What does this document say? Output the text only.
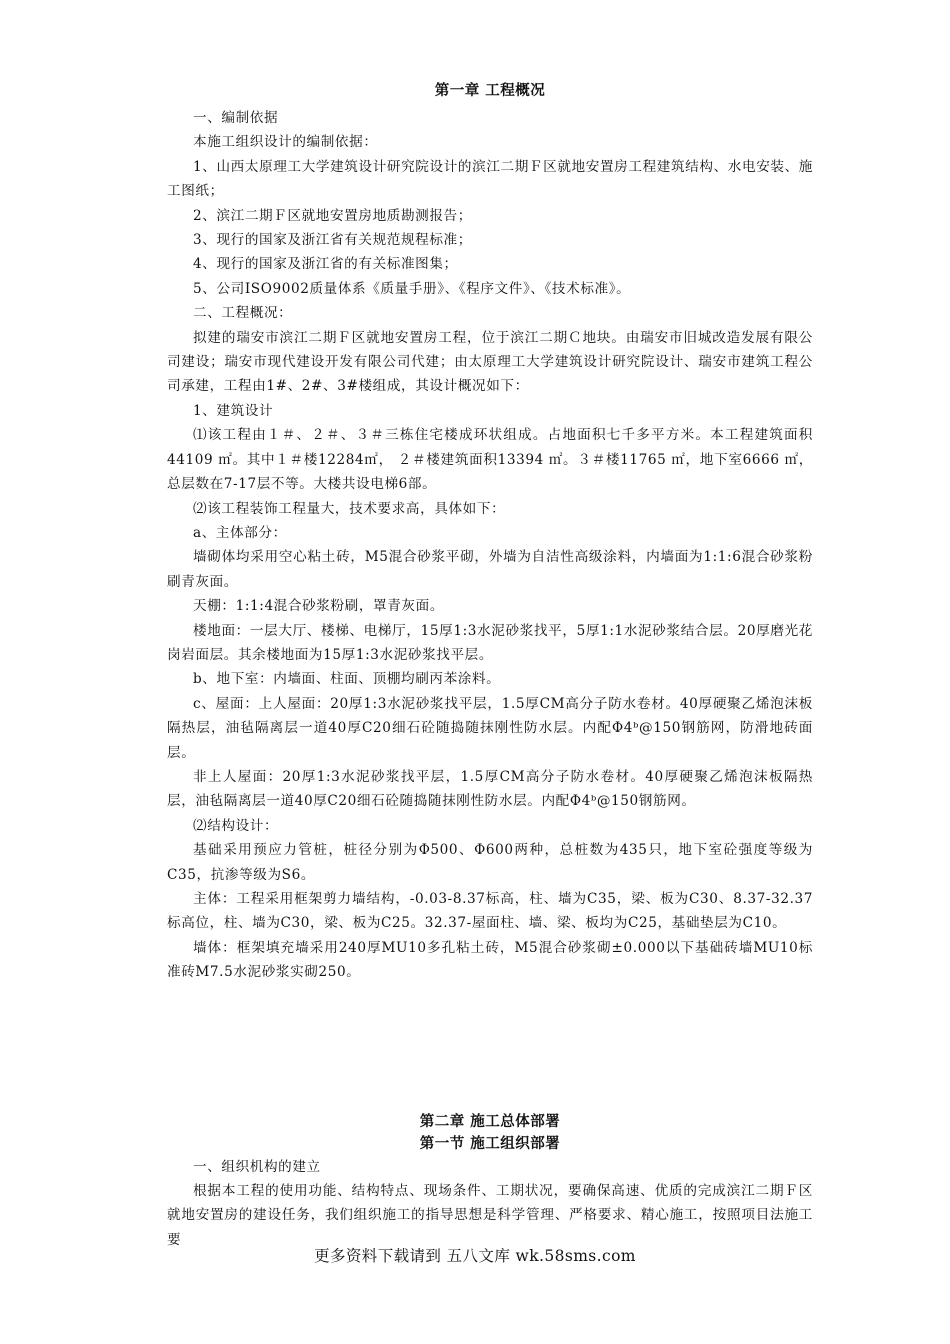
第一章 工程概况

一、编制依据

本施工组织设计的编制依据：

1、山西太原理工大学建筑设计研究院设计的滨江二期Ｆ区就地安置房工程建筑结构、水电安装、施工图纸；

2、滨江二期Ｆ区就地安置房地质勘测报告；

3、现行的国家及浙江省有关规范规程标准；

4、现行的国家及浙江省的有关标准图集；

5、公司ISO9002质量体系《质量手册》、《程序文件》、《技术标准》。

二、工程概况：

拟建的瑞安市滨江二期Ｆ区就地安置房工程，位于滨江二期Ｃ地块。由瑞安市旧城改造发展有限公司建设；瑞安市现代建设开发有限公司代建；由太原理工大学建筑设计研究院设计、瑞安市建筑工程公司承建，工程由1#、2#、3#楼组成，其设计概况如下：

1、建筑设计

⑴该工程由１＃、２＃、３＃三栋住宅楼成环状组成。占地面积七千多平方米。本工程建筑面积44109 ㎡。其中１＃楼12284㎡， ２＃楼建筑面积13394 ㎡。３＃楼11765 ㎡，地下室6666 ㎡，总层数在7-17层不等。大楼共设电梯6部。

⑵该工程装饰工程量大，技术要求高，具体如下：

a、主体部分：

墙砌体均采用空心粘土砖，M5混合砂浆平砌，外墙为自洁性高级涂料，内墙面为1:1:6混合砂浆粉刷青灰面。

天棚：1:1:4混合砂浆粉刷，罩青灰面。

楼地面：一层大厅、楼梯、电梯厅，15厚1:3水泥砂浆找平，5厚1:1水泥砂浆结合层。20厚磨光花岗岩面层。其余楼地面为15厚1:3水泥砂浆找平层。

b、地下室：内墙面、柱面、顶棚均刷丙苯涂料。

c、屋面：上人屋面：20厚1:3水泥砂浆找平层，1.5厚CM高分子防水卷材。40厚硬聚乙烯泡沫板隔热层，油毡隔离层一道40厚C20细石砼随捣随抹刚性防水层。内配Φ4ᵇ@150钢筋网，防滑地砖面层。

非上人屋面：20厚1:3水泥砂浆找平层，1.5厚CM高分子防水卷材。40厚硬聚乙烯泡沫板隔热层，油毡隔离层一道40厚C20细石砼随捣随抹刚性防水层。内配Φ4ᵇ@150钢筋网。

⑵结构设计：

基础采用预应力管桩，桩径分别为Φ500、Φ600两种，总桩数为435只，地下室砼强度等级为C35，抗渗等级为S6。

主体：工程采用框架剪力墙结构，-0.03-8.37标高，柱、墙为C35，梁、板为C30、8.37-32.37标高位，柱、墙为C30，梁、板为C25。32.37-屋面柱、墙、梁、板均为C25，基础垫层为C10。

墙体：框架填充墙采用240厚MU10多孔粘土砖，M5混合砂浆砌±0.000以下基础砖墙MU10标准砖M7.5水泥砂浆实砌250。

第二章 施工总体部署
第一节 施工组织部署

一、组织机构的建立

根据本工程的使用功能、结构特点、现场条件、工期状况，要确保高速、优质的完成滨江二期Ｆ区就地安置房的建设任务，我们组织施工的指导思想是科学管理、严格要求、精心施工，按照项目法施工要

更多资料下载请到 五八文库 wk.58sms.com
